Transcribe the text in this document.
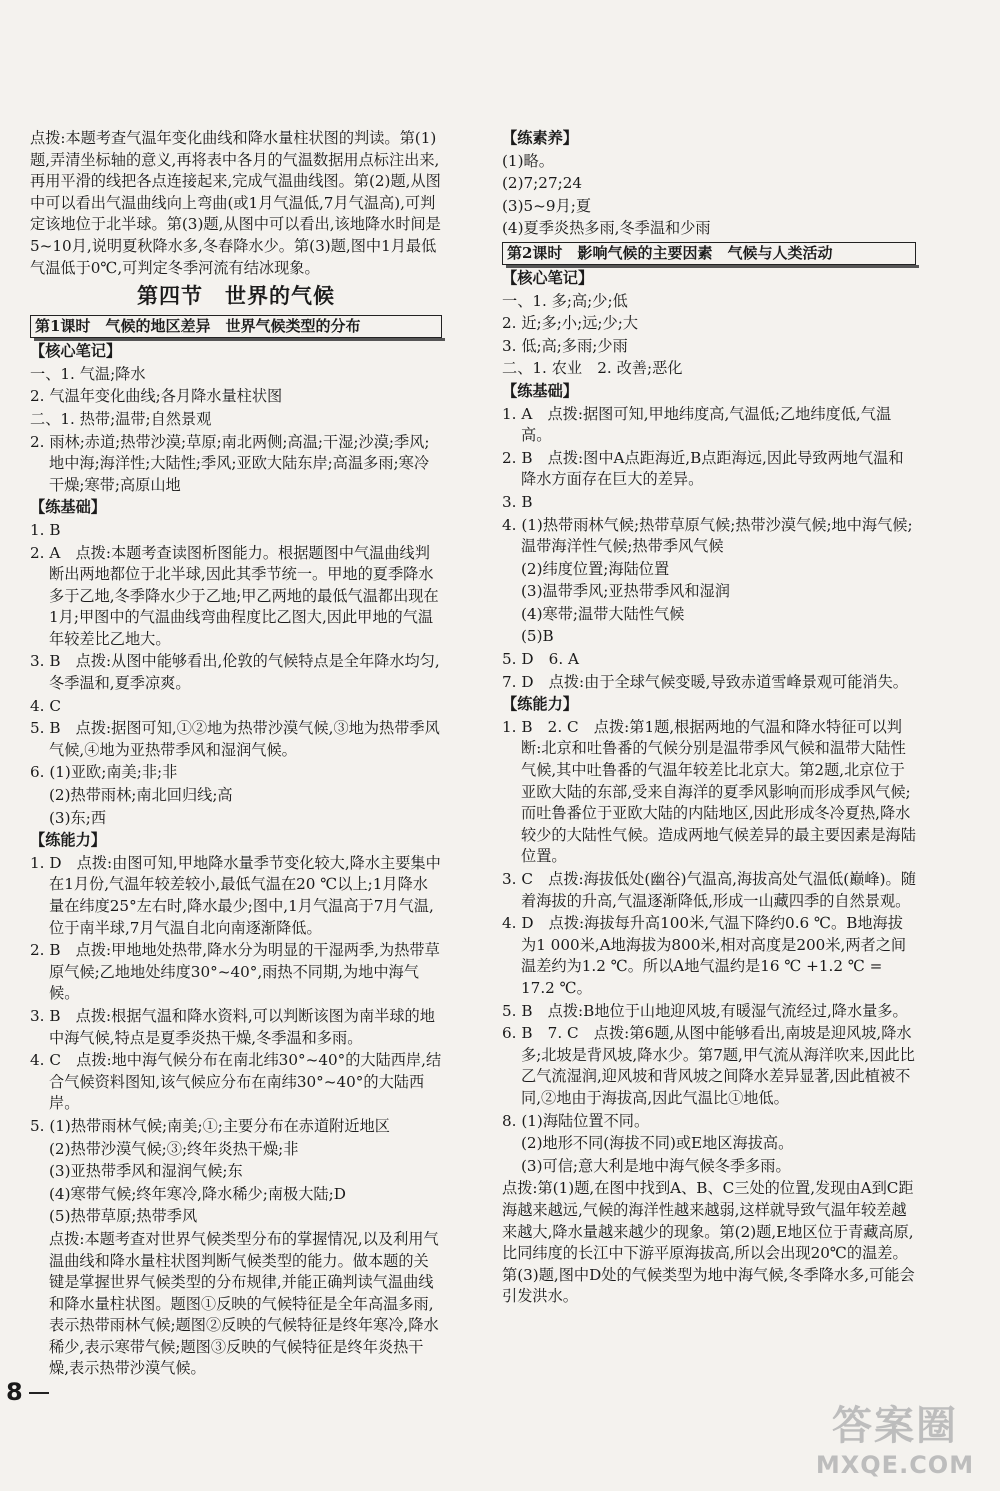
点拨:本题考查气温年变化曲线和降水量柱状图的判读。第(1)题,弄清坐标轴的意义,再将表中各月的气温数据用点标注出来,再用平滑的线把各点连接起来,完成气温曲线图。第(2)题,从图中可以看出气温曲线向上弯曲(或1月气温低,7月气温高),可判定该地位于北半球。第(3)题,从图中可以看出,该地降水时间是5~10月,说明夏秋降水多,冬春降水少。第(3)题,图中1月最低气温低于0℃,可判定冬季河流有结冰现象。

第四节　世界的气候
第1课时　气候的地区差异　世界气候类型的分布

【核心笔记】

一、1. 气温;降水

2. 气温年变化曲线;各月降水量柱状图

二、1. 热带;温带;自然景观

2. 雨林;赤道;热带沙漠;草原;南北两侧;高温;干湿;沙漠;季风;地中海;海洋性;大陆性;季风;亚欧大陆东岸;高温多雨;寒冷干燥;寒带;高原山地

【练基础】

1. B

2. A　点拨:本题考查读图析图能力。根据题图中气温曲线判断出两地都位于北半球,因此其季节统一。甲地的夏季降水多于乙地,冬季降水少于乙地;甲乙两地的最低气温都出现在1月;甲图中的气温曲线弯曲程度比乙图大,因此甲地的气温年较差比乙地大。

3. B　点拨:从图中能够看出,伦敦的气候特点是全年降水均匀,冬季温和,夏季凉爽。

4. C

5. B　点拨:据图可知,①②地为热带沙漠气候,③地为热带季风气候,④地为亚热带季风和湿润气候。

6. (1)亚欧;南美;非;非

(2)热带雨林;南北回归线;高

(3)东;西

【练能力】

1. D　点拨:由图可知,甲地降水量季节变化较大,降水主要集中在1月份,气温年较差较小,最低气温在20 ℃以上;1月降水量在纬度25°左右时,降水最少;图中,1月气温高于7月气温,位于南半球,7月气温自北向南逐渐降低。

2. B　点拨:甲地地处热带,降水分为明显的干湿两季,为热带草原气候;乙地地处纬度30°~40°,雨热不同期,为地中海气候。

3. B　点拨:根据气温和降水资料,可以判断该图为南半球的地中海气候,特点是夏季炎热干燥,冬季温和多雨。

4. C　点拨:地中海气候分布在南北纬30°~40°的大陆西岸,结合气候资料图知,该气候应分布在南纬30°~40°的大陆西岸。

5. (1)热带雨林气候;南美;①;主要分布在赤道附近地区

(2)热带沙漠气候;③;终年炎热干燥;非

(3)亚热带季风和湿润气候;东

(4)寒带气候;终年寒冷,降水稀少;南极大陆;D

(5)热带草原;热带季风

点拨:本题考查对世界气候类型分布的掌握情况,以及利用气温曲线和降水量柱状图判断气候类型的能力。做本题的关键是掌握世界气候类型的分布规律,并能正确判读气温曲线和降水量柱状图。题图①反映的气候特征是全年高温多雨,表示热带雨林气候;题图②反映的气候特征是终年寒冷,降水稀少,表示寒带气候;题图③反映的气候特征是终年炎热干燥,表示热带沙漠气候。

【练素养】

(1)略。

(2)7;27;24

(3)5~9月;夏

(4)夏季炎热多雨,冬季温和少雨

第2课时　影响气候的主要因素　气候与人类活动

【核心笔记】

一、1. 多;高;少;低

2. 近;多;小;远;少;大

3. 低;高;多雨;少雨

二、1. 农业　2. 改善;恶化

【练基础】

1. A　点拨:据图可知,甲地纬度高,气温低;乙地纬度低,气温高。

2. B　点拨:图中A点距海近,B点距海远,因此导致两地气温和降水方面存在巨大的差异。

3. B

4. (1)热带雨林气候;热带草原气候;热带沙漠气候;地中海气候;温带海洋性气候;热带季风气候

(2)纬度位置;海陆位置

(3)温带季风;亚热带季风和湿润

(4)寒带;温带大陆性气候

(5)B

5. D　6. A

7. D　点拨:由于全球气候变暖,导致赤道雪峰景观可能消失。

【练能力】

1. B　2. C　点拨:第1题,根据两地的气温和降水特征可以判断:北京和吐鲁番的气候分别是温带季风气候和温带大陆性气候,其中吐鲁番的气温年较差比北京大。第2题,北京位于亚欧大陆的东部,受来自海洋的夏季风影响而形成季风气候;而吐鲁番位于亚欧大陆的内陆地区,因此形成冬冷夏热,降水较少的大陆性气候。造成两地气候差异的最主要因素是海陆位置。

3. C　点拨:海拔低处(幽谷)气温高,海拔高处气温低(巅峰)。随着海拔的升高,气温逐渐降低,形成一山藏四季的自然景观。

4. D　点拨:海拔每升高100米,气温下降约0.6 ℃。B地海拔为1 000米,A地海拔为800米,相对高度是200米,两者之间温差约为1.2 ℃。所以A地气温约是16 ℃ +1.2 ℃ = 17.2 ℃。

5. B　点拨:B地位于山地迎风坡,有暖湿气流经过,降水量多。

6. B　7. C　点拨:第6题,从图中能够看出,南坡是迎风坡,降水多;北坡是背风坡,降水少。第7题,甲气流从海洋吹来,因此比乙气流湿润,迎风坡和背风坡之间降水差异显著,因此植被不同,②地由于海拔高,因此气温比①地低。

8. (1)海陆位置不同。

(2)地形不同(海拔不同)或E地区海拔高。

(3)可信;意大利是地中海气候冬季多雨。

点拨:第(1)题,在图中找到A、B、C三处的位置,发现由A到C距海越来越远,气候的海洋性越来越弱,这样就导致气温年较差越来越大,降水量越来越少的现象。第(2)题,E地区位于青藏高原,比同纬度的长江中下游平原海拔高,所以会出现20℃的温差。第(3)题,图中D处的气候类型为地中海气候,冬季降水多,可能会引发洪水。

8
答案圈
MXQE.COM
